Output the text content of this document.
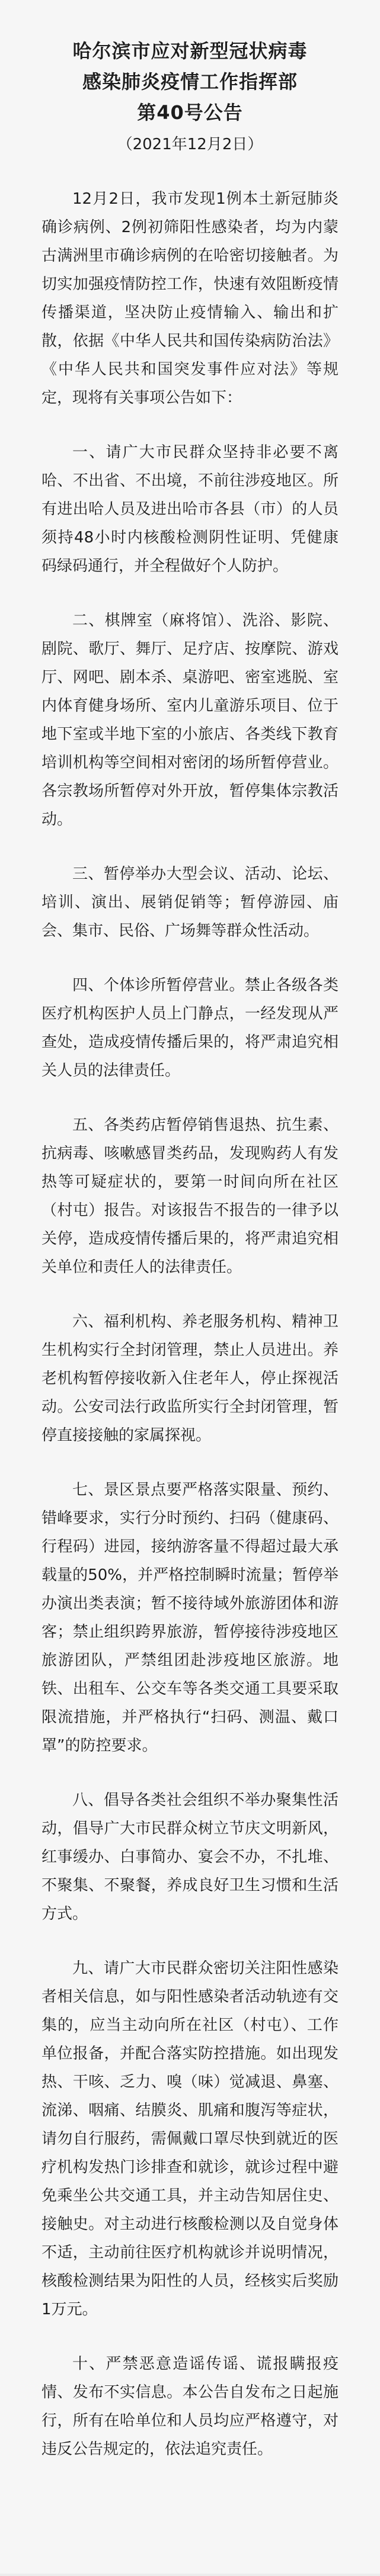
哈尔滨市应对新型冠状病毒

感染肺炎疫情工作指挥部

第40号公告

（2021年12月2日）

12月2日，我市发现1例本土新冠肺炎确诊病例、2例初筛阳性感染者，均为内蒙古满洲里市确诊病例的在哈密切接触者。为切实加强疫情防控工作，快速有效阻断疫情传播渠道，坚决防止疫情输入、输出和扩散，依据《中华人民共和国传染病防治法》《中华人民共和国突发事件应对法》等规定，现将有关事项公告如下：

一、请广大市民群众坚持非必要不离哈、不出省、不出境，不前往涉疫地区。所有进出哈人员及进出哈市各县（市）的人员须持48小时内核酸检测阴性证明、凭健康码绿码通行，并全程做好个人防护。

二、棋牌室（麻将馆）、洗浴、影院、剧院、歌厅、舞厅、足疗店、按摩院、游戏厅、网吧、剧本杀、桌游吧、密室逃脱、室内体育健身场所、室内儿童游乐项目、位于地下室或半地下室的小旅店、各类线下教育培训机构等空间相对密闭的场所暂停营业。各宗教场所暂停对外开放，暂停集体宗教活动。

三、暂停举办大型会议、活动、论坛、培训、演出、展销促销等；暂停游园、庙会、集市、民俗、广场舞等群众性活动。

四、个体诊所暂停营业。禁止各级各类医疗机构医护人员上门静点，一经发现从严查处，造成疫情传播后果的，将严肃追究相关人员的法律责任。

五、各类药店暂停销售退热、抗生素、抗病毒、咳嗽感冒类药品，发现购药人有发热等可疑症状的，要第一时间向所在社区（村屯）报告。对该报告不报告的一律予以关停，造成疫情传播后果的，将严肃追究相关单位和责任人的法律责任。

六、福利机构、养老服务机构、精神卫生机构实行全封闭管理，禁止人员进出。养老机构暂停接收新入住老年人，停止探视活动。公安司法行政监所实行全封闭管理，暂停直接接触的家属探视。

七、景区景点要严格落实限量、预约、错峰要求，实行分时预约、扫码（健康码、行程码）进园，接纳游客量不得超过最大承载量的50%，并严格控制瞬时流量；暂停举办演出类表演；暂不接待域外旅游团体和游客；禁止组织跨界旅游，暂停接待涉疫地区旅游团队，严禁组团赴涉疫地区旅游。地铁、出租车、公交车等各类交通工具要采取限流措施，并严格执行“扫码、测温、戴口罩”的防控要求。

八、倡导各类社会组织不举办聚集性活动，倡导广大市民群众树立节庆文明新风，红事缓办、白事简办、宴会不办，不扎堆、不聚集、不聚餐，养成良好卫生习惯和生活方式。

九、请广大市民群众密切关注阳性感染者相关信息，如与阳性感染者活动轨迹有交集的，应当主动向所在社区（村屯）、工作单位报备，并配合落实防控措施。如出现发热、干咳、乏力、嗅（味）觉减退、鼻塞、流涕、咽痛、结膜炎、肌痛和腹泻等症状，请勿自行服药，需佩戴口罩尽快到就近的医疗机构发热门诊排查和就诊，就诊过程中避免乘坐公共交通工具，并主动告知居住史、接触史。对主动进行核酸检测以及自觉身体不适，主动前往医疗机构就诊并说明情况，核酸检测结果为阳性的人员，经核实后奖励1万元。

十、严禁恶意造谣传谣、谎报瞒报疫情、发布不实信息。本公告自发布之日起施行，所有在哈单位和人员均应严格遵守，对违反公告规定的，依法追究责任。
